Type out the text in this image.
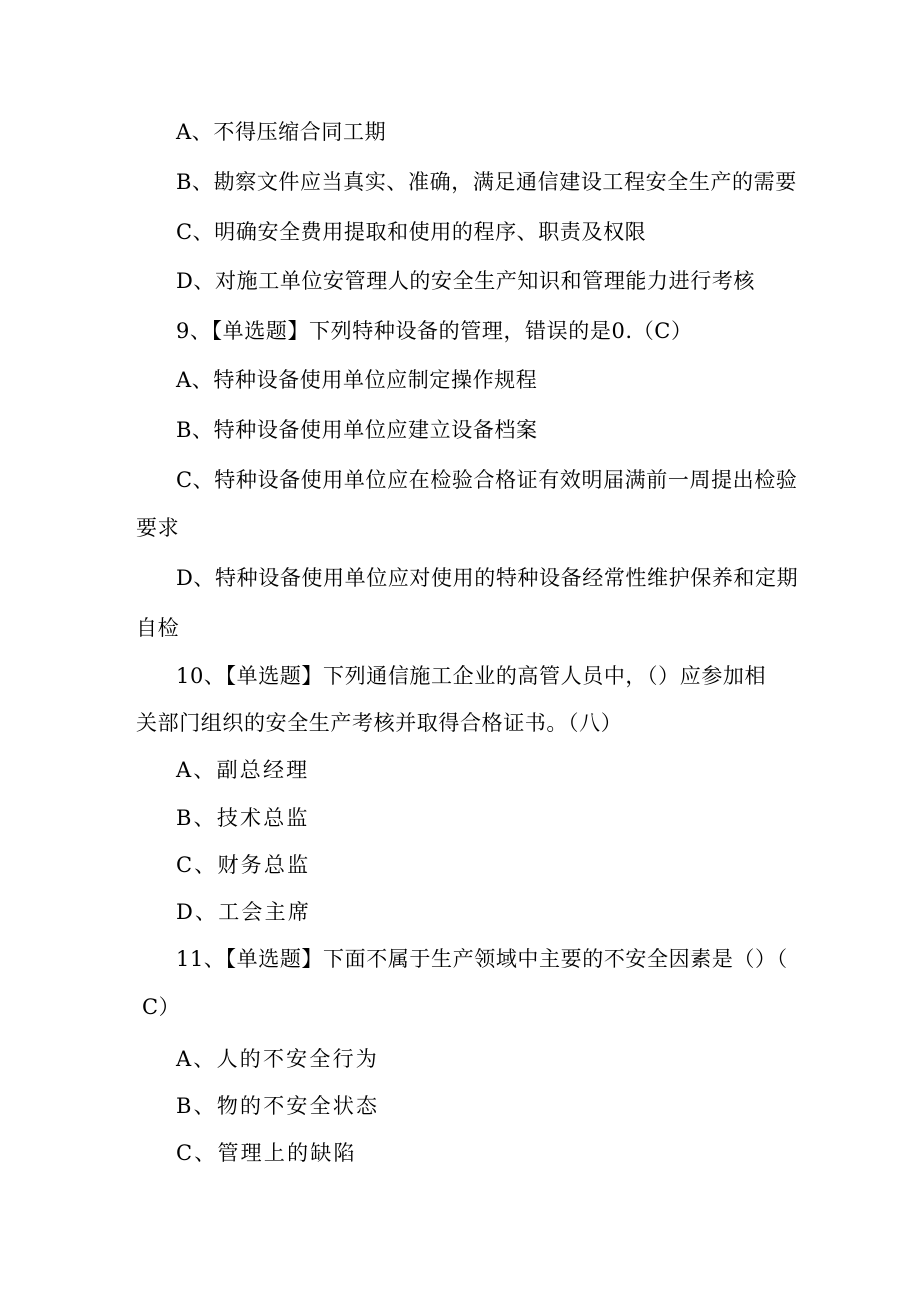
A、不得压缩合同工期
B、勘察文件应当真实、准确，满足通信建设工程安全生产的需要
C、明确安全费用提取和使用的程序、职责及权限
D、对施工单位安管理人的安全生产知识和管理能力进行考核
9、【单选题】下列特种设备的管理，错误的是0.（C）
A、特种设备使用单位应制定操作规程
B、特种设备使用单位应建立设备档案
C、特种设备使用单位应在检验合格证有效明届满前一周提出检验
要求
D、特种设备使用单位应对使用的特种设备经常性维护保养和定期
自检
10、【单选题】下列通信施工企业的高管人员中，（）应参加相
关部门组织的安全生产考核并取得合格证书。（八）
A、副总经理
B、技术总监
C、财务总监
D、工会主席
11、【单选题】下面不属于生产领域中主要的不安全因素是（）（
C）
A、人的不安全行为
B、物的不安全状态
C、管理上的缺陷
